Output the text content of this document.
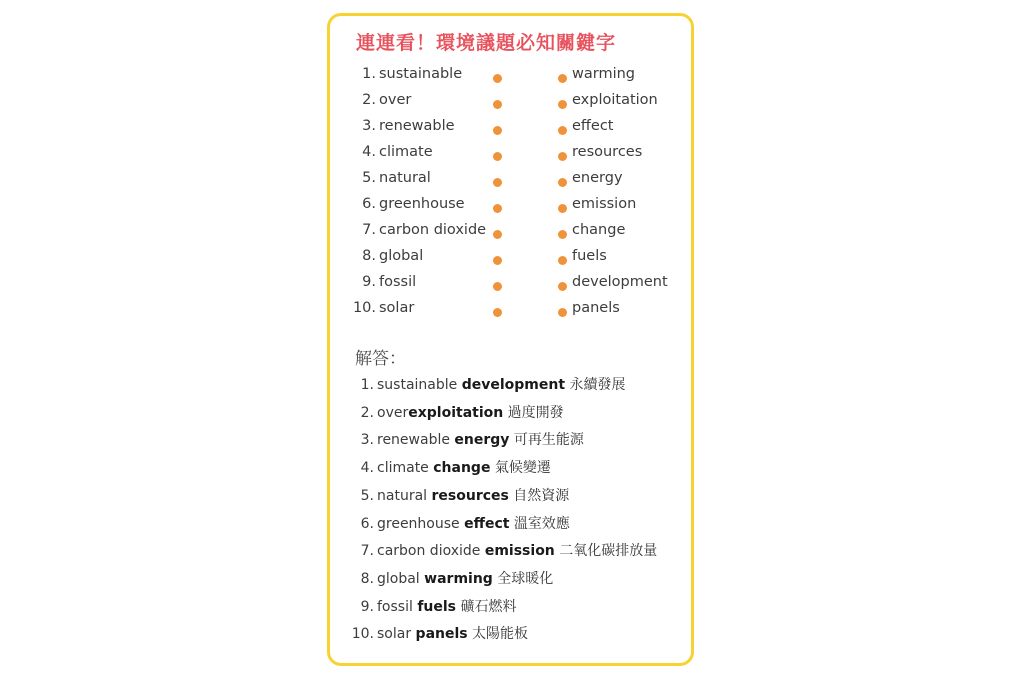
連連看！環境議題必知關鍵字
1. sustainable	warming
2. over	exploitation
3. renewable	effect
4. climate	resources
5. natural	energy
6. greenhouse	emission
7. carbon dioxide	change
8. global	fuels
9. fossil	development
10. solar	panels
解答：
1. sustainable development 永續發展
2. overexploitation 過度開發
3. renewable energy 可再生能源
4. climate change 氣候變遷
5. natural resources 自然資源
6. greenhouse effect 溫室效應
7. carbon dioxide emission 二氧化碳排放量
8. global warming 全球暖化
9. fossil fuels 礦石燃料
10. solar panels 太陽能板
